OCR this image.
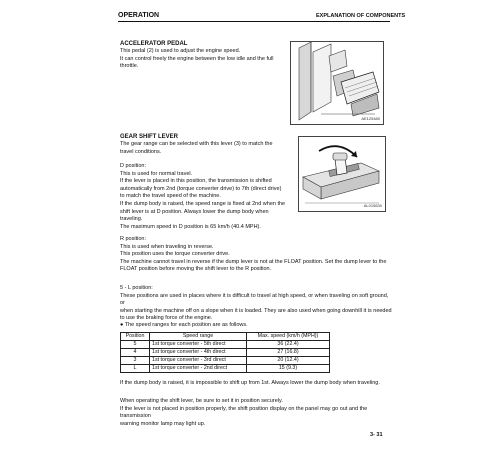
OPERATION	EXPLANATION OF COMPONENTS
ACCELERATOR PEDAL

This pedal (2) is used to adjust the engine speed.

It can control freely the engine between the low idle and the full

throttle.

AE125480
GEAR SHIFT LEVER

The gear range can be selected with this lever (3) to match the

travel conditions.

D position:

This is used for normal travel.

If the lever is placed in this position, the transmission is shifted

automatically from 2nd (torque converter drive) to 7th (direct drive)

to match the travel speed of the machine.

If the dump body is raised, the speed range is fixed at 2nd when the

shift lever is at D position. Always lower the dump body when

traveling.

The maximum speed in D position is 65 km/h (40.4 MPH).

AL015630

R position:

This is used when traveling in reverse.

This position uses the torque converter drive.

The machine cannot travel in reverse if the dump lever is not at the FLOAT position. Set the dump lever to the

FLOAT position before moving the shift lever to the R position.

5 - L position:

These positions are used in places where it is difficult to travel at high speed, or when traveling on soft ground, or

when starting the machine off on a slope when it is loaded. They are also used when going downhill it is needed

to use the braking force of the engine.

● The speed ranges for each position are as follows.
Position	Speed range	Max. speed (km/h (MPH))
5	1st torque converter - 5th direct	36 (22.4)
4	1st torque converter - 4th direct	27 (16.8)
3	1st torque converter - 3rd direct	20 (12.4)
L	1st torque converter - 2nd direct	15 (9.3)

If the dump body is raised, it is impossible to shift up from 1st. Always lower the dump body when traveling.

When operating the shift lever, be sure to set it in position securely.

If the lever is not placed in position properly, the shift position display on the panel may go out and the transmission

warning monitor lamp may light up.

3- 31
